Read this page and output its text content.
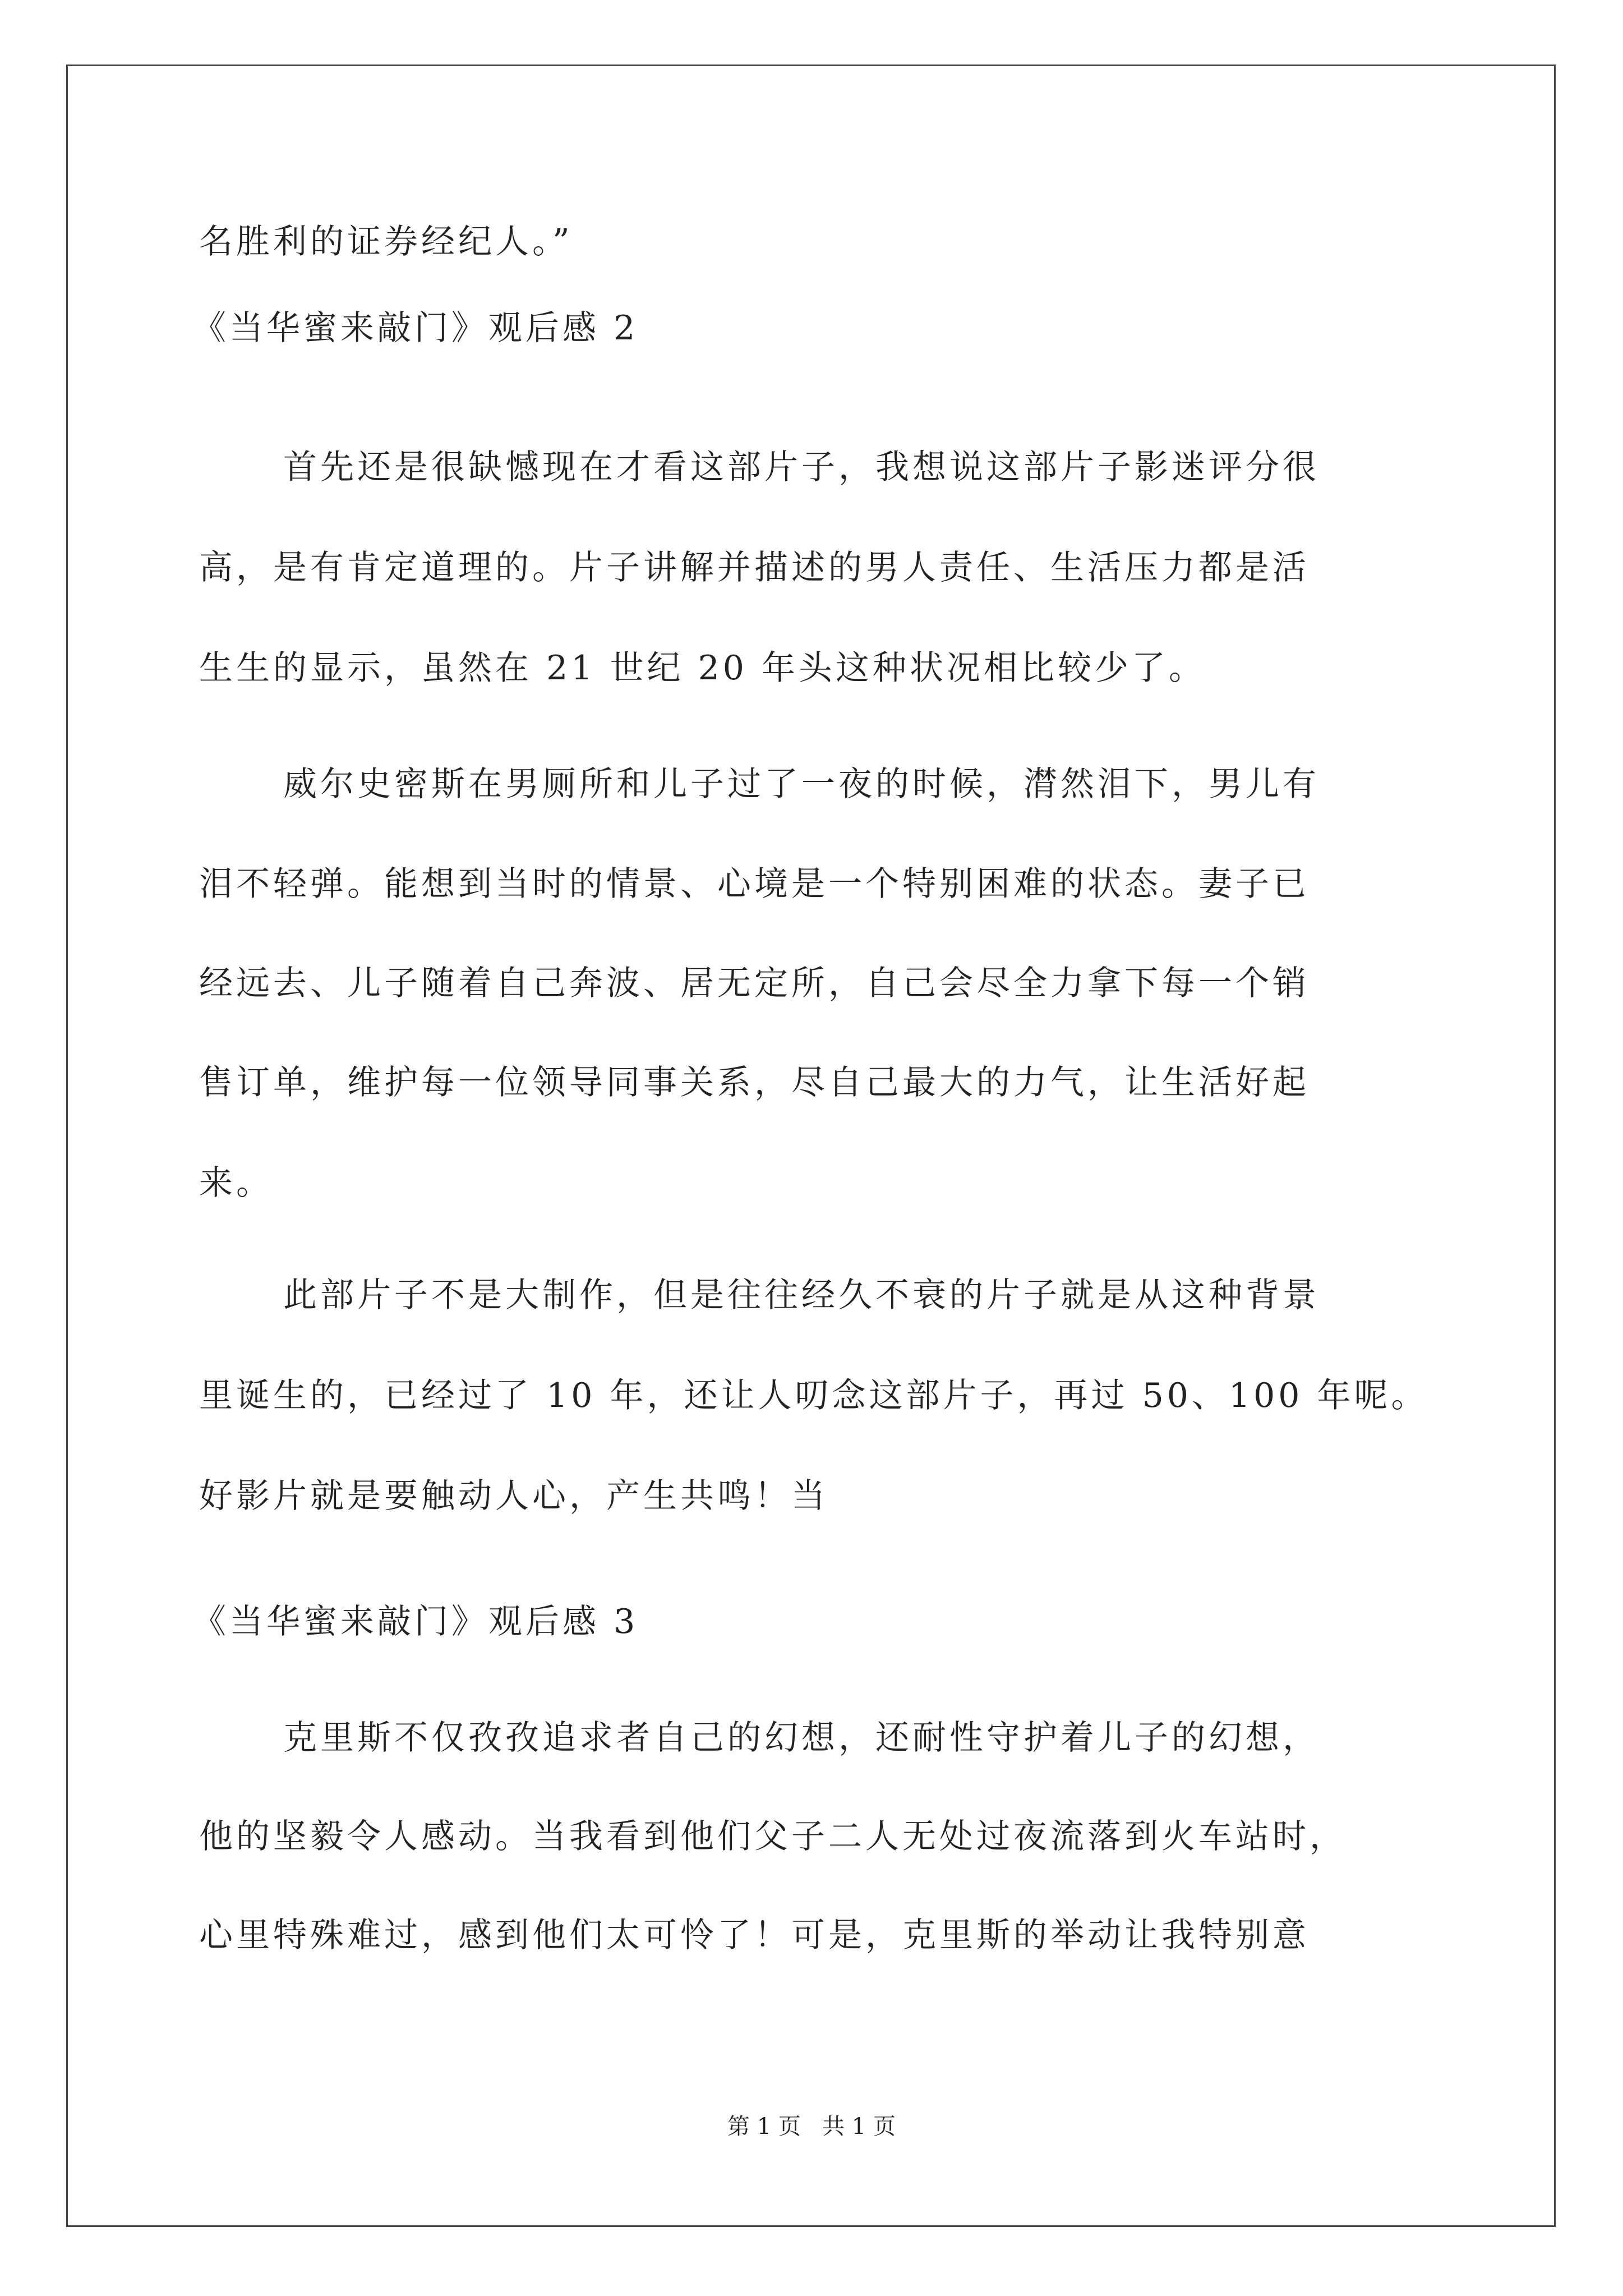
名胜利的证券经纪人。”
《当华蜜来敲门》观后感 2
首先还是很缺憾现在才看这部片子，我想说这部片子影迷评分很
高，是有肯定道理的。片子讲解并描述的男人责任、生活压力都是活
生生的显示，虽然在 21 世纪 20 年头这种状况相比较少了。
威尔史密斯在男厕所和儿子过了一夜的时候，潸然泪下，男儿有
泪不轻弹。能想到当时的情景、心境是一个特别困难的状态。妻子已
经远去、儿子随着自己奔波、居无定所，自己会尽全力拿下每一个销
售订单，维护每一位领导同事关系，尽自己最大的力气，让生活好起
来。
此部片子不是大制作，但是往往经久不衰的片子就是从这种背景
里诞生的，已经过了 10 年，还让人叨念这部片子，再过 50、100 年呢。
好影片就是要触动人心，产生共鸣！当
《当华蜜来敲门》观后感 3
克里斯不仅孜孜追求者自己的幻想，还耐性守护着儿子的幻想，
他的坚毅令人感动。当我看到他们父子二人无处过夜流落到火车站时，
心里特殊难过，感到他们太可怜了！可是，克里斯的举动让我特别意
第 1 页   共 1 页
